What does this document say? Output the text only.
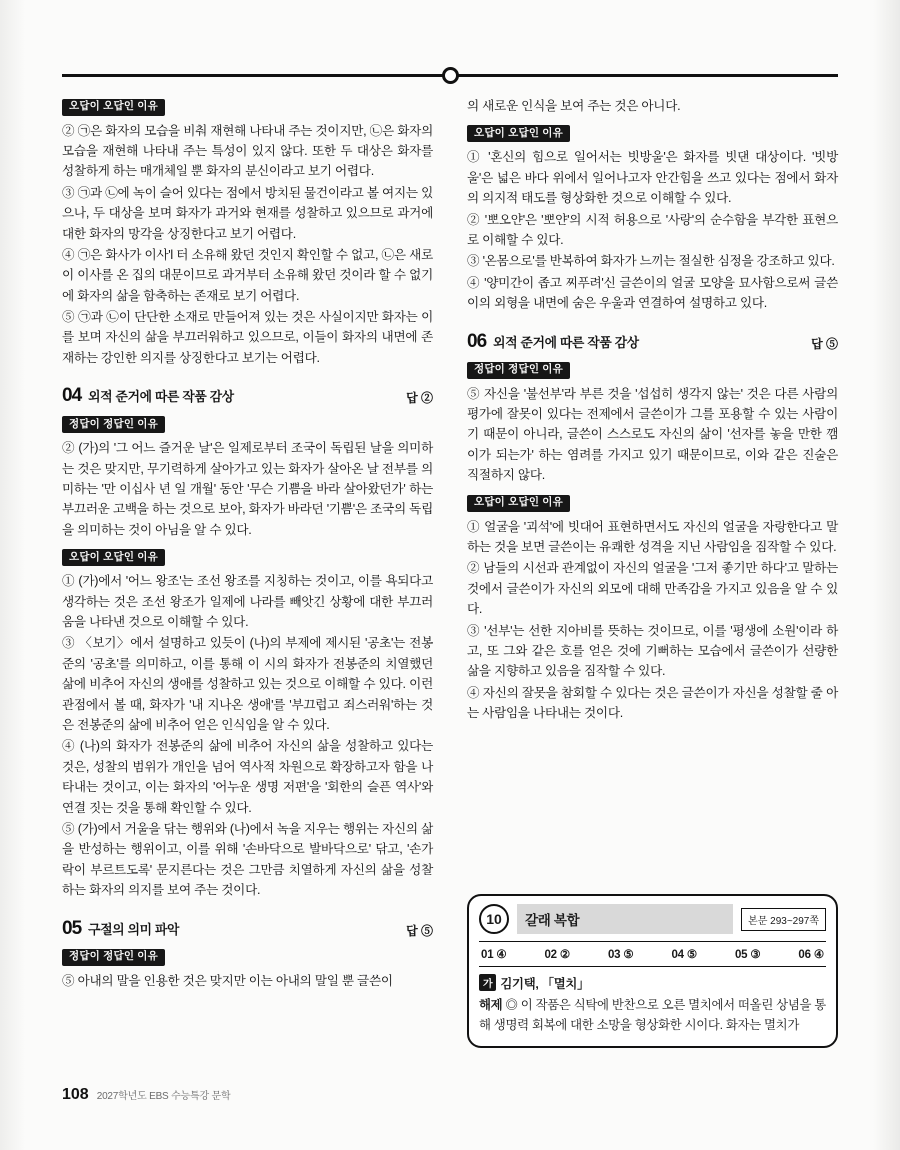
오답이 오답인 이유

② ㉠은 화자의 모습을 비춰 재현해 나타내 주는 것이지만, ㉡은 화자의 모습을 재현해 나타내 주는 특성이 있지 않다. 또한 두 대상은 화자를 성찰하게 하는 매개체일 뿐 화자의 분신이라고 보기 어렵다.

③ ㉠과 ㉡에 녹이 슬어 있다는 점에서 방치된 물건이라고 볼 여지는 있으나, 두 대상을 보며 화자가 과거와 현재를 성찰하고 있으므로 과거에 대한 화자의 망각을 상징한다고 보기 어렵다.

④ ㉠은 화사가 이사'l 터 소유해 왔던 것인지 확인할 수 없고, ㉡은 새로이 이사를 온 집의 대문이므로 과거부터 소유해 왔던 것이라 할 수 없기에 화자의 삶을 함축하는 존재로 보기 어렵다.

⑤ ㉠과 ㉡이 단단한 소재로 만들어져 있는 것은 사실이지만 화자는 이를 보며 자신의 삶을 부끄러워하고 있으므로, 이들이 화자의 내면에 존재하는 강인한 의지를 상징한다고 보기는 어렵다.

04 외적 준거에 따른 작품 감상	답 ②
정답이 정답인 이유

② (가)의 '그 어느 즐거운 날'은 일제로부터 조국이 독립된 날을 의미하는 것은 맞지만, 무기력하게 살아가고 있는 화자가 살아온 날 전부를 의미하는 '만 이십사 년 일 개월' 동안 '무슨 기쁨을 바라 살아왔던가' 하는 부끄러운 고백을 하는 것으로 보아, 화자가 바라던 '기쁨'은 조국의 독립을 의미하는 것이 아님을 알 수 있다.

오답이 오답인 이유

① (가)에서 '어느 왕조'는 조선 왕조를 지칭하는 것이고, 이를 욕되다고 생각하는 것은 조선 왕조가 일제에 나라를 빼앗긴 상황에 대한 부끄러움을 나타낸 것으로 이해할 수 있다.

③ 〈보기〉에서 설명하고 있듯이 (나)의 부제에 제시된 '공초'는 전봉준의 '공초'를 의미하고, 이를 통해 이 시의 화자가 전봉준의 치열했던 삶에 비추어 자신의 생애를 성찰하고 있는 것으로 이해할 수 있다. 이런 관점에서 볼 때, 화자가 '내 지나온 생애'를 '부끄럽고 죄스러워'하는 것은 전봉준의 삶에 비추어 얻은 인식임을 알 수 있다.

④ (나)의 화자가 전봉준의 삶에 비추어 자신의 삶을 성찰하고 있다는 것은, 성찰의 범위가 개인을 넘어 역사적 차원으로 확장하고자 함을 나타내는 것이고, 이는 화자의 '어누운 생명 저편'을 '회한의 슬픈 역사'와 연결 짓는 것을 통해 확인할 수 있다.

⑤ (가)에서 거울을 닦는 행위와 (나)에서 녹을 지우는 행위는 자신의 삶을 반성하는 행위이고, 이를 위해 '손바닥으로 발바닥으로' 닦고, '손가락이 부르트도록' 문지른다는 것은 그만큼 치열하게 자신의 삶을 성찰하는 화자의 의지를 보여 주는 것이다.

05 구절의 의미 파악	답 ⑤
정답이 정답인 이유

⑤ 아내의 말을 인용한 것은 맞지만 이는 아내의 말일 뿐 글쓴이

의 새로운 인식을 보여 주는 것은 아니다.

오답이 오답인 이유

① '혼신의 힘으로 일어서는 빗방울'은 화자를 빗댄 대상이다. '빗방울'은 넓은 바다 위에서 일어나고자 안간힘을 쓰고 있다는 점에서 화자의 의지적 태도를 형상화한 것으로 이해할 수 있다.

② '뽀오얀'은 '뽀얀'의 시적 허용으로 '사랑'의 순수함을 부각한 표현으로 이해할 수 있다.

③ '온몸으로'를 반복하여 화자가 느끼는 절실한 심정을 강조하고 있다.

④ '양미간이 좁고 찌푸려'신 글쓴이의 얼굴 모양을 묘사함으로써 글쓴이의 외형을 내면에 숨은 우울과 연결하여 설명하고 있다.

06 외적 준거에 따른 작품 감상	답 ⑤
정답이 정답인 이유

⑤ 자신을 '불선부'라 부른 것을 '섭섭히 생각지 않는' 것은 다른 사람의 평가에 잘못이 있다는 전제에서 글쓴이가 그를 포용할 수 있는 사람이기 때문이 아니라, 글쓴이 스스로도 자신의 삶이 '선자를 놓을 만한 깸이가 되는가' 하는 염려를 가지고 있기 때문이므로, 이와 같은 진술은 직절하지 않다.

오답이 오답인 이유

① 얼굴을 '괴석'에 빗대어 표현하면서도 자신의 얼굴을 자랑한다고 말하는 것을 보면 글쓴이는 유쾌한 성격을 지닌 사람임을 짐작할 수 있다.

② 남들의 시선과 관계없이 자신의 얼굴을 '그저 좋기만 하다'고 말하는 것에서 글쓴이가 자신의 외모에 대해 만족감을 가지고 있음을 알 수 있다.

③ '선부'는 선한 지아비를 뜻하는 것이므로, 이를 '평생에 소원'이라 하고, 또 그와 같은 호를 얻은 것에 기뻐하는 모습에서 글쓴이가 선량한 삶을 지향하고 있음을 짐작할 수 있다.

④ 자신의 잘못을 참회할 수 있다는 것은 글쓴이가 자신을 성찰할 줄 아는 사람임을 나타내는 것이다.

10	갈래 복합	본문 293~297쪽
01 ④	02 ②	03 ⑤	04 ⑤	05 ③	06 ④
가 김기택, 「멸치」
해제 ◎ 이 작품은 식탁에 반찬으로 오른 멸치에서 떠올린 상념을 통해 생명력 회복에 대한 소망을 형상화한 시이다. 화자는 멸치가
108 2027학년도 EBS 수능특강 문학
